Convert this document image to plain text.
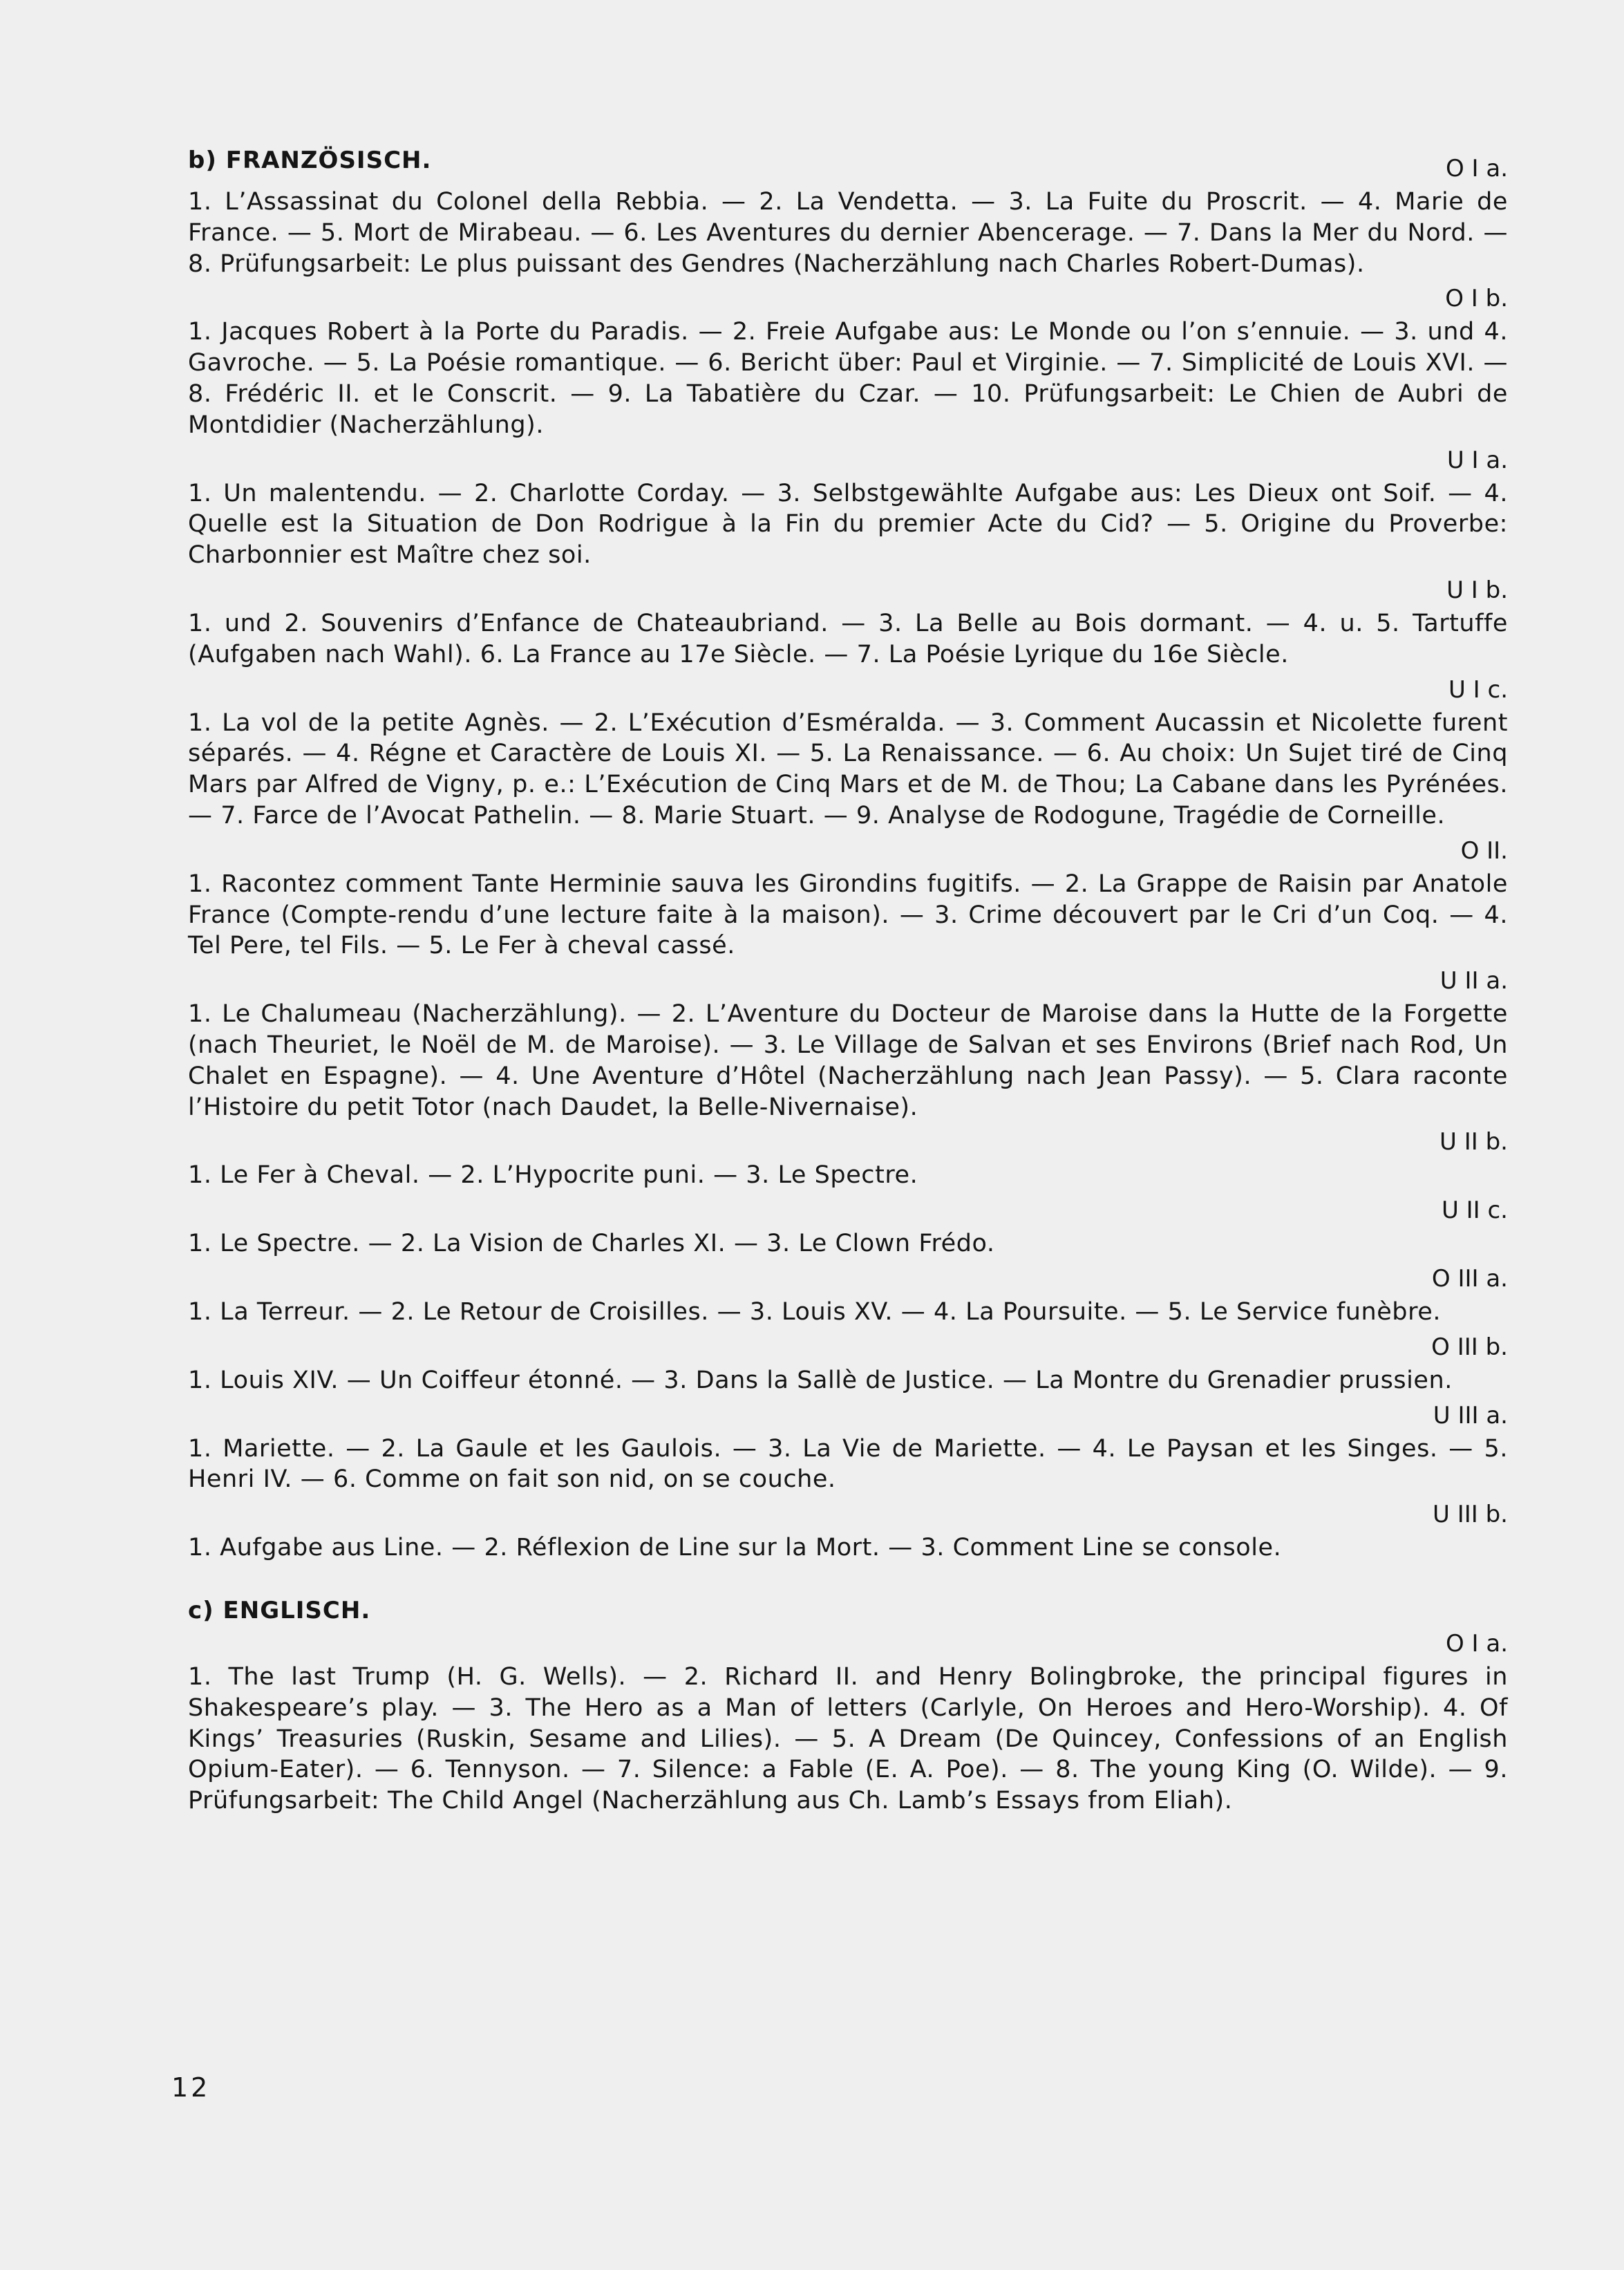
b) FRANZÖSISCH.	O I a.

1. L’Assassinat du Colonel della Rebbia. — 2. La Vendetta. — 3. La Fuite du Proscrit. — 4. Marie de France. — 5. Mort de Mirabeau. — 6. Les Aventures du dernier Abencerage. — 7. Dans la Mer du Nord. — 8. Prüfungsarbeit: Le plus puissant des Gendres (Nacherzählung nach Charles Robert-Dumas).

O I b.

1. Jacques Robert à la Porte du Paradis. — 2. Freie Aufgabe aus: Le Monde ou l’on s’ennuie. — 3. und 4. Gavroche. — 5. La Poésie romantique. — 6. Bericht über: Paul et Virginie. — 7. Simplicité de Louis XVI. — 8. Frédéric II. et le Conscrit. — 9. La Tabatière du Czar. — 10. Prüfungsarbeit: Le Chien de Aubri de Montdidier (Nacherzählung).

U I a.

1. Un malentendu. — 2. Charlotte Corday. — 3. Selbstgewählte Aufgabe aus: Les Dieux ont Soif. — 4. Quelle est la Situation de Don Rodrigue à la Fin du premier Acte du Cid? — 5. Origine du Proverbe: Charbonnier est Maître chez soi.

U I b.

1. und 2. Souvenirs d’Enfance de Chateaubriand. — 3. La Belle au Bois dormant. — 4. u. 5. Tartuffe (Aufgaben nach Wahl). 6. La France au 17e Siècle. — 7. La Poésie Lyrique du 16e Siècle.

U I c.

1. La vol de la petite Agnès. — 2. L’Exécution d’Esméralda. — 3. Comment Aucassin et Nicolette furent séparés. — 4. Régne et Caractère de Louis XI. — 5. La Renaissance. — 6. Au choix: Un Sujet tiré de Cinq Mars par Alfred de Vigny, p. e.: L’Exécution de Cinq Mars et de M. de Thou; La Cabane dans les Pyrénées. — 7. Farce de l’Avocat Pathelin. — 8. Marie Stuart. — 9. Analyse de Rodogune, Tragédie de Corneille.

O II.

1. Racontez comment Tante Herminie sauva les Girondins fugitifs. — 2. La Grappe de Raisin par Anatole France (Compte-rendu d’une lecture faite à la maison). — 3. Crime découvert par le Cri d’un Coq. — 4. Tel Pere, tel Fils. — 5. Le Fer à cheval cassé.

U II a.

1. Le Chalumeau (Nacherzählung). — 2. L’Aventure du Docteur de Maroise dans la Hutte de la Forgette (nach Theuriet, le Noël de M. de Maroise). — 3. Le Village de Salvan et ses Environs (Brief nach Rod, Un Chalet en Espagne). — 4. Une Aventure d’Hôtel (Nacherzählung nach Jean Passy). — 5. Clara raconte l’Histoire du petit Totor (nach Daudet, la Belle-Nivernaise).

U II b.

1. Le Fer à Cheval. — 2. L’Hypocrite puni. — 3. Le Spectre.

U II c.

1. Le Spectre. — 2. La Vision de Charles XI. — 3. Le Clown Frédo.

O III a.

1. La Terreur. — 2. Le Retour de Croisilles. — 3. Louis XV. — 4. La Poursuite. — 5. Le Service funèbre.

O III b.

1. Louis XIV. — Un Coiffeur étonné. — 3. Dans la Sallè de Justice. — La Montre du Grenadier prussien.

U III a.

1. Mariette. — 2. La Gaule et les Gaulois. — 3. La Vie de Mariette. — 4. Le Paysan et les Singes. — 5. Henri IV. — 6. Comme on fait son nid, on se couche.

U III b.

1. Aufgabe aus Line. — 2. Réflexion de Line sur la Mort. — 3. Comment Line se console.

c) ENGLISCH.
O I a.

1. The last Trump (H. G. Wells). — 2. Richard II. and Henry Bolingbroke, the principal figures in Shakespeare’s play. — 3. The Hero as a Man of letters (Carlyle, On Heroes and Hero-Worship). 4. Of Kings’ Treasuries (Ruskin, Sesame and Lilies). — 5. A Dream (De Quincey, Confessions of an English Opium-Eater). — 6. Tennyson. — 7. Silence: a Fable (E. A. Poe). — 8. The young King (O. Wilde). — 9. Prüfungsarbeit: The Child Angel (Nacherzählung aus Ch. Lamb’s Essays from Eliah).

12
